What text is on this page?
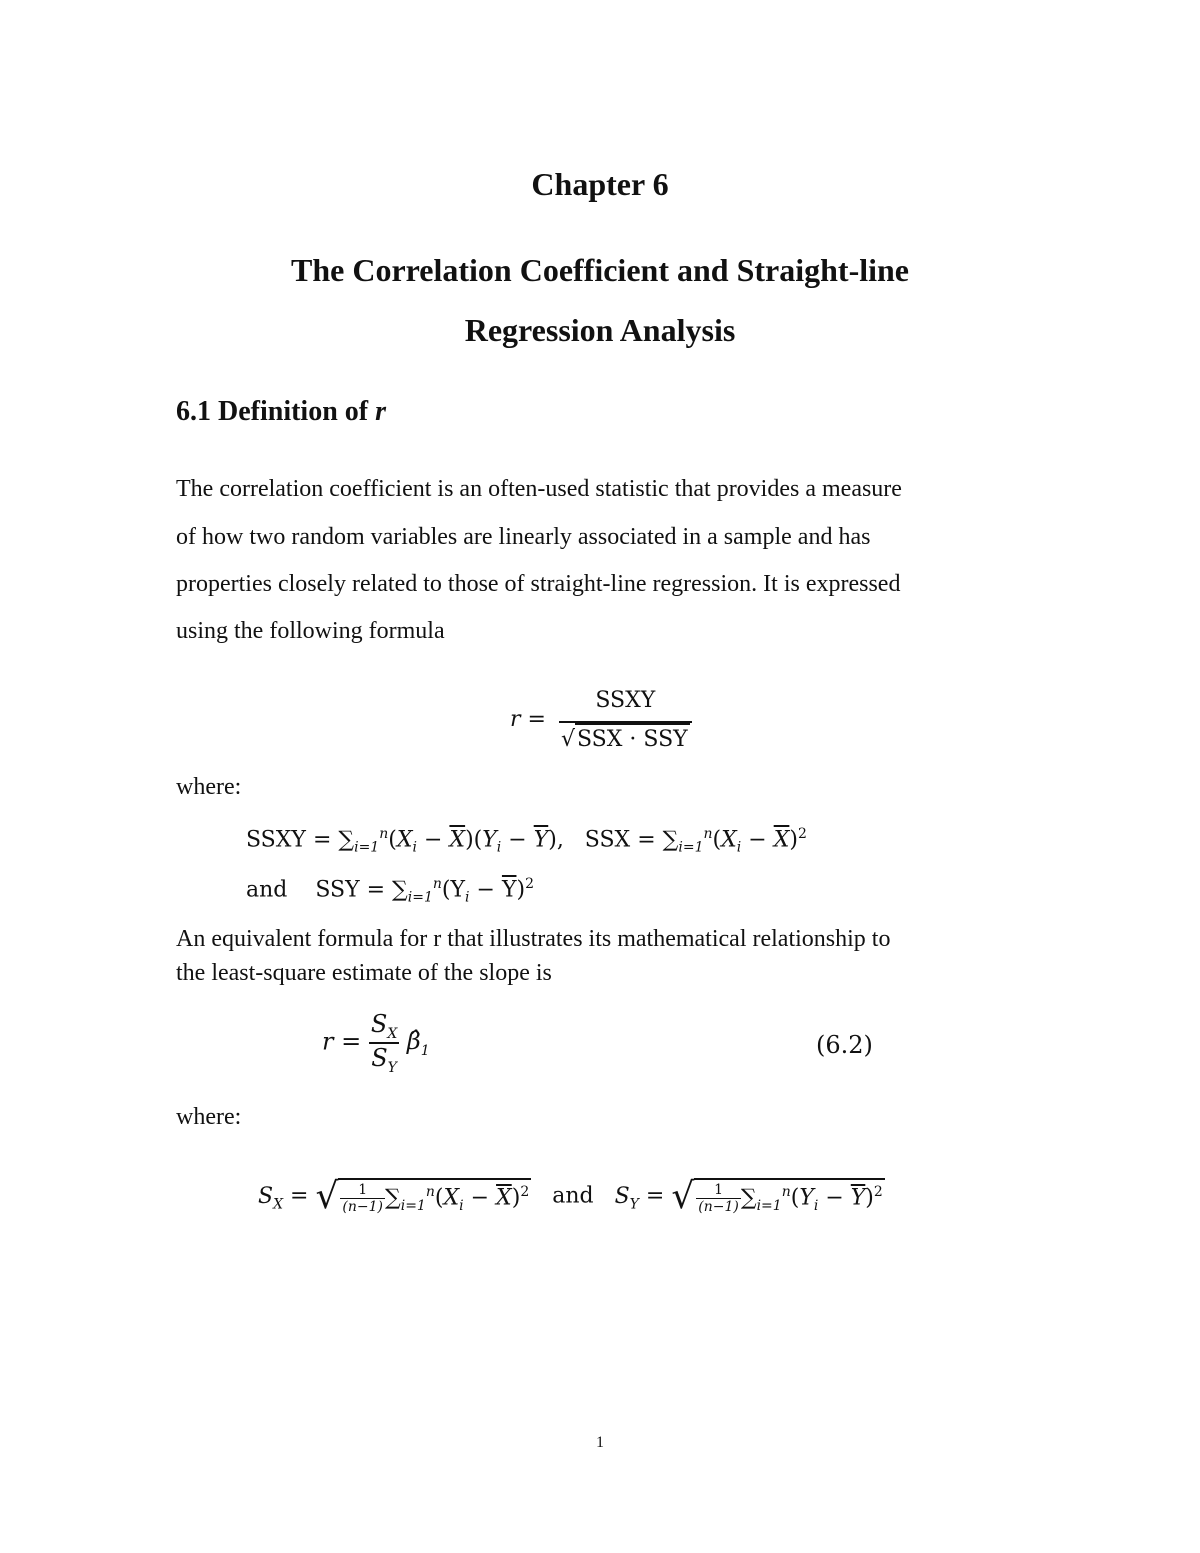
Chapter 6
The Correlation Coefficient and Straight-line
Regression Analysis
6.1 Definition of r
The correlation coefficient is an often-used statistic that provides a measure
of how two random variables are linearly associated in a sample and has
properties closely related to those of straight-line regression. It is expressed
using the following formula
$r = \frac{\text{SSXY}}{\text{√SSX · SSY}}$
where:
SSXY = $\sum_{i=1}^n(X_i - \overline{X})(Y_i - \overline{Y})$,   SSX = $\sum_{i=1}^n(X_i - \overline{X})^2$
and    SSY = $\sum_{i=1}^n(Y_i - \overline{Y})^2$
An equivalent formula for r that illustrates its mathematical relationship to
the least-square estimate of the slope is
$r = \frac{S_X}{S_Y}$ $\betâ_1$	(6.2)
where:
$S_X$ = √ $\frac{1}{(n-1)} \sum_{i=1}^n(X_i - \overline{X})^2$ and $S_Y$ = √ $\frac{1}{(n-1)} \sum_{i=1}^n(Y_i - \overline{Y})^2$
1
